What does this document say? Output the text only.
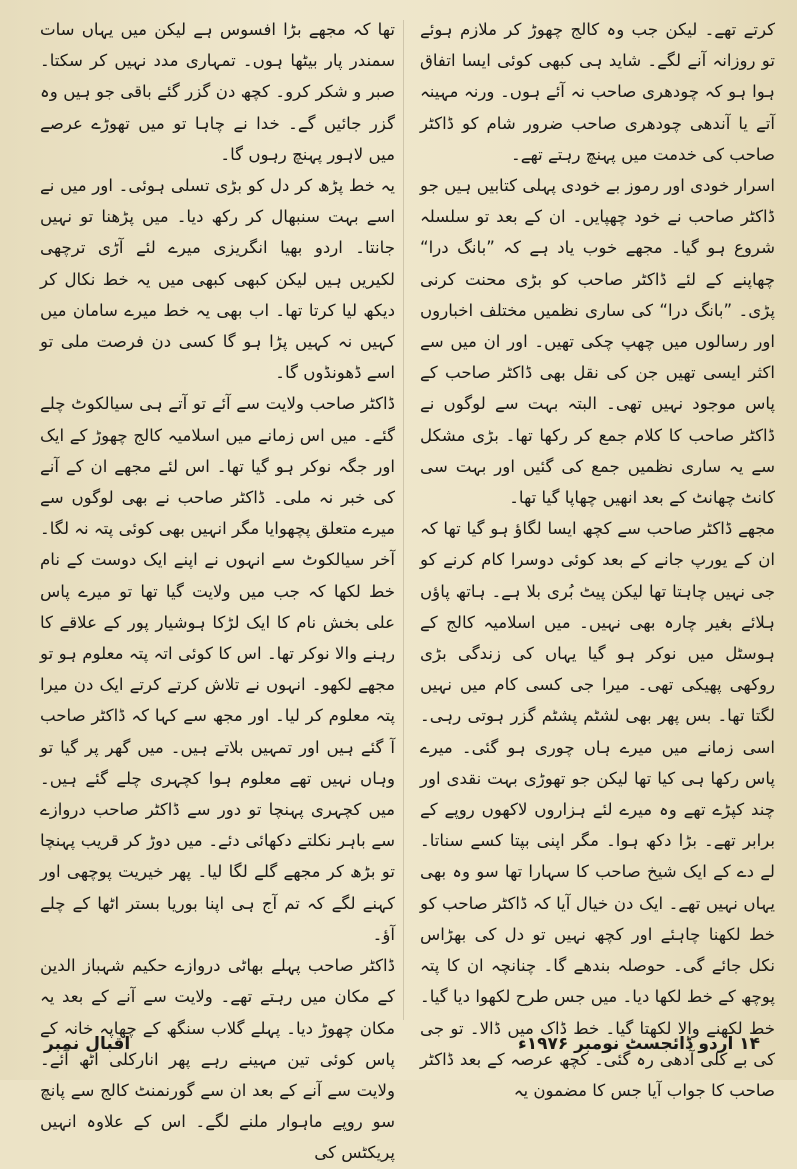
کرتے تھے۔ لیکن جب وہ کالج چھوڑ کر ملازم ہوئے تو روزانہ آنے لگے۔ شاید ہی کبھی کوئی ایسا اتفاق ہوا ہو کہ چودھری صاحب نہ آئے ہوں۔ ورنہ مہینہ آتے یا آندھی چودھری صاحب ضرور شام کو ڈاکٹر صاحب کی خدمت میں پہنچ رہتے تھے۔

اسرار خودی اور رموز بے خودی پہلی کتابیں ہیں جو ڈاکٹر صاحب نے خود چھپایں۔ ان کے بعد تو سلسلہ شروع ہو گیا۔ مجھے خوب یاد ہے کہ ”بانگ درا“ چھاپنے کے لئے ڈاکٹر صاحب کو بڑی محنت کرنی پڑی۔ ”بانگ درا“ کی ساری نظمیں مختلف اخباروں اور رسالوں میں چھپ چکی تھیں۔ اور ان میں سے اکثر ایسی تھیں جن کی نقل بھی ڈاکٹر صاحب کے پاس موجود نہیں تھی۔ البتہ بہت سے لوگوں نے ڈاکٹر صاحب کا کلام جمع کر رکھا تھا۔ بڑی مشکل سے یہ ساری نظمیں جمع کی گئیں اور بہت سی کانٹ چھانٹ کے بعد انھیں چھاپا گیا تھا۔

مجھے ڈاکٹر صاحب سے کچھ ایسا لگاؤ ہو گیا تھا کہ ان کے یورپ جانے کے بعد کوئی دوسرا کام کرنے کو جی نہیں چاہتا تھا لیکن پیٹ بُری بلا ہے۔ ہاتھ پاؤں ہلائے بغیر چارہ بھی نہیں۔ میں اسلامیہ کالج کے ہوسٹل میں نوکر ہو گیا یہاں کی زندگی بڑی روکھی پھیکی تھی۔ میرا جی کسی کام میں نہیں لگتا تھا۔ بس پھر بھی لشٹم پشٹم گزر ہوتی رہی۔ اسی زمانے میں میرے ہاں چوری ہو گئی۔ میرے پاس رکھا ہی کیا تھا لیکن جو تھوڑی بہت نقدی اور چند کپڑے تھے وہ میرے لئے ہزاروں لاکھوں روپے کے برابر تھے۔ بڑا دکھ ہوا۔ مگر اپنی بپتا کسے سناتا۔ لے دے کے ایک شیخ صاحب کا سہارا تھا سو وہ بھی یہاں نہیں تھے۔ ایک دن خیال آیا کہ ڈاکٹر صاحب کو خط لکھنا چاہئے اور کچھ نہیں تو دل کی بھڑاس نکل جائے گی۔ حوصلہ بندھے گا۔ چنانچہ ان کا پتہ پوچھ کے خط لکھا دیا۔ میں جس طرح لکھوا دیا گیا۔ خط لکھنے والا لکھتا گیا۔ خط ڈاک میں ڈالا۔ تو جی کی بے کلی آدھی رہ گئی۔ کچھ عرصہ کے بعد ڈاکٹر صاحب کا جواب آیا جس کا مضمون یہ

تھا کہ مجھے بڑا افسوس ہے لیکن میں یہاں سات سمندر پار بیٹھا ہوں۔ تمہاری مدد نہیں کر سکتا۔ صبر و شکر کرو۔ کچھ دن گزر گئے باقی جو ہیں وہ گزر جائیں گے۔ خدا نے چاہا تو میں تھوڑے عرصے میں لاہور پہنچ رہوں گا۔

یہ خط پڑھ کر دل کو بڑی تسلی ہوئی۔ اور میں نے اسے بہت سنبھال کر رکھ دیا۔ میں پڑھنا تو نہیں جانتا۔ اردو بھیا انگریزی میرے لئے آڑی ترچھی لکیریں ہیں لیکن کبھی کبھی میں یہ خط نکال کر دیکھ لیا کرتا تھا۔ اب بھی یہ خط میرے سامان میں کہیں نہ کہیں پڑا ہو گا کسی دن فرصت ملی تو اسے ڈھونڈوں گا۔

ڈاکٹر صاحب ولایت سے آئے تو آتے ہی سیالکوٹ چلے گئے۔ میں اس زمانے میں اسلامیہ کالج چھوڑ کے ایک اور جگہ نوکر ہو گیا تھا۔ اس لئے مجھے ان کے آنے کی خبر نہ ملی۔ ڈاکٹر صاحب نے بھی لوگوں سے میرے متعلق پچھوایا مگر انہیں بھی کوئی پتہ نہ لگا۔ آخر سیالکوٹ سے انہوں نے اپنے ایک دوست کے نام خط لکھا کہ جب میں ولایت گیا تھا تو میرے پاس علی بخش نام کا ایک لڑکا ہوشیار پور کے علاقے کا رہنے والا نوکر تھا۔ اس کا کوئی اتہ پتہ معلوم ہو تو مجھے لکھو۔ انہوں نے تلاش کرتے کرتے ایک دن میرا پتہ معلوم کر لیا۔ اور مجھ سے کہا کہ ڈاکٹر صاحب آ گئے ہیں اور تمہیں بلاتے ہیں۔ میں گھر پر گیا تو وہاں نہیں تھے معلوم ہوا کچہری چلے گئے ہیں۔ میں کچہری پہنچا تو دور سے ڈاکٹر صاحب دروازے سے باہر نکلتے دکھائی دئے۔ میں دوڑ کر قریب پہنچا تو بڑھ کر مجھے گلے لگا لیا۔ پھر خیریت پوچھی اور کہنے لگے کہ تم آج ہی اپنا بوریا بستر اٹھا کے چلے آؤ۔

ڈاکٹر صاحب پہلے بھاٹی دروازے حکیم شہباز الدین کے مکان میں رہتے تھے۔ ولایت سے آنے کے بعد یہ مکان چھوڑ دیا۔ پہلے گلاب سنگھ کے چھاپہ خانہ کے پاس کوئی تین مہینے رہے پھر انارکلی اٹھ آئے۔ ولایت سے آنے کے بعد ان سے گورنمنٹ کالج سے پانچ سو روپے ماہوار ملنے لگے۔ اس کے علاوہ انہیں پریکٹس کی

اقبال نمبر	۱۴ اردو ڈائجسٹ نومبر ۱۹۷۶ء
